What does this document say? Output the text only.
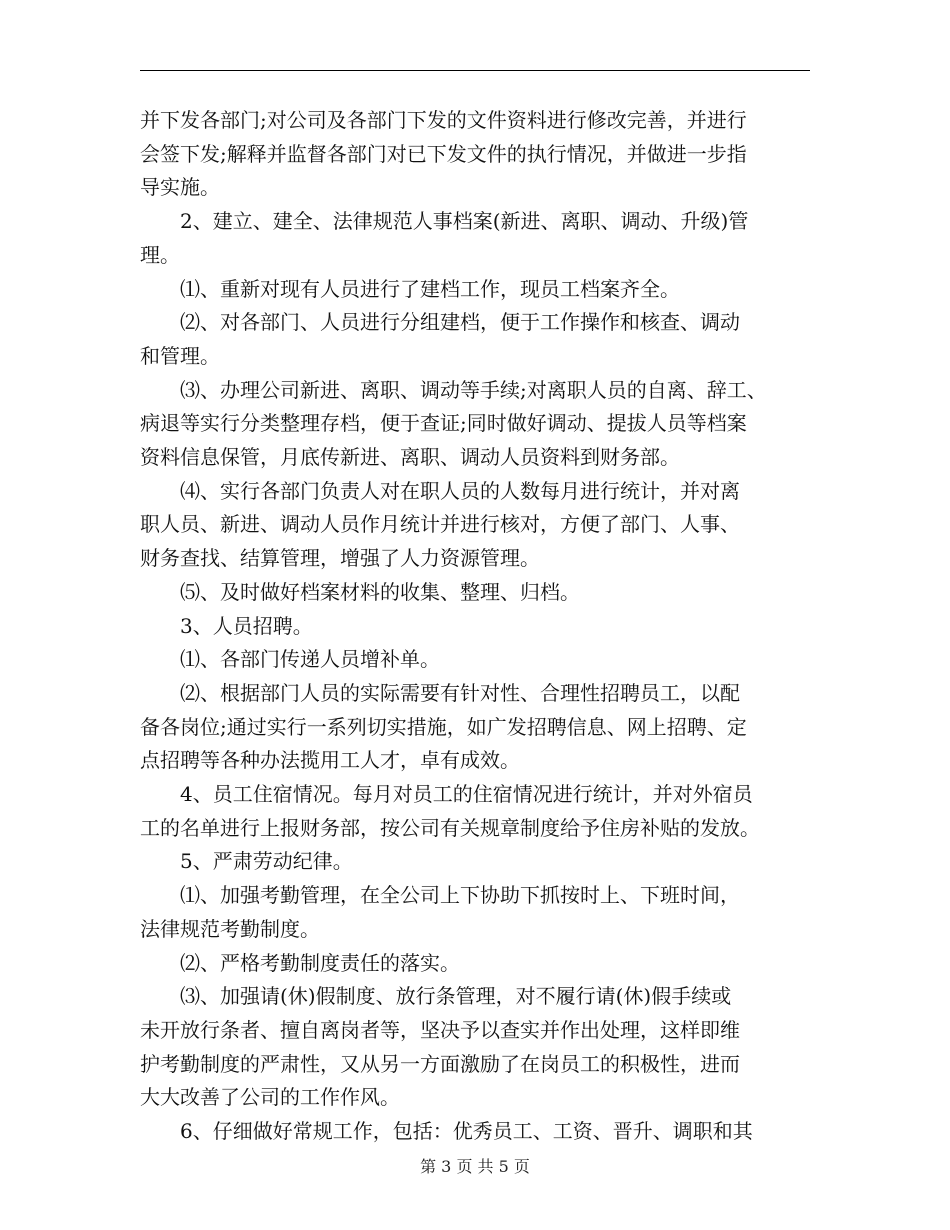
并下发各部门;对公司及各部门下发的文件资料进行修改完善，并进行
会签下发;解释并监督各部门对已下发文件的执行情况，并做进一步指
导实施。

2、建立、建全、法律规范人事档案(新进、离职、调动、升级)管
理。

⑴、重新对现有人员进行了建档工作，现员工档案齐全。

⑵、对各部门、人员进行分组建档，便于工作操作和核查、调动
和管理。

⑶、办理公司新进、离职、调动等手续;对离职人员的自离、辞工、
病退等实行分类整理存档，便于查证;同时做好调动、提拔人员等档案
资料信息保管，月底传新进、离职、调动人员资料到财务部。

⑷、实行各部门负责人对在职人员的人数每月进行统计，并对离
职人员、新进、调动人员作月统计并进行核对，方便了部门、人事、
财务查找、结算管理，增强了人力资源管理。

⑸、及时做好档案材料的收集、整理、归档。

3、人员招聘。

⑴、各部门传递人员增补单。

⑵、根据部门人员的实际需要有针对性、合理性招聘员工，以配
备各岗位;通过实行一系列切实措施，如广发招聘信息、网上招聘、定
点招聘等各种办法揽用工人才，卓有成效。

4、员工住宿情况。每月对员工的住宿情况进行统计，并对外宿员
工的名单进行上报财务部，按公司有关规章制度给予住房补贴的发放。

5、严肃劳动纪律。

⑴、加强考勤管理，在全公司上下协助下抓按时上、下班时间，
法律规范考勤制度。

⑵、严格考勤制度责任的落实。

⑶、加强请(休)假制度、放行条管理，对不履行请(休)假手续或
未开放行条者、擅自离岗者等，坚决予以查实并作出处理，这样即维
护考勤制度的严肃性，又从另一方面激励了在岗员工的积极性，进而
大大改善了公司的工作作风。

6、仔细做好常规工作，包括：优秀员工、工资、晋升、调职和其

第 3 页 共 5 页
